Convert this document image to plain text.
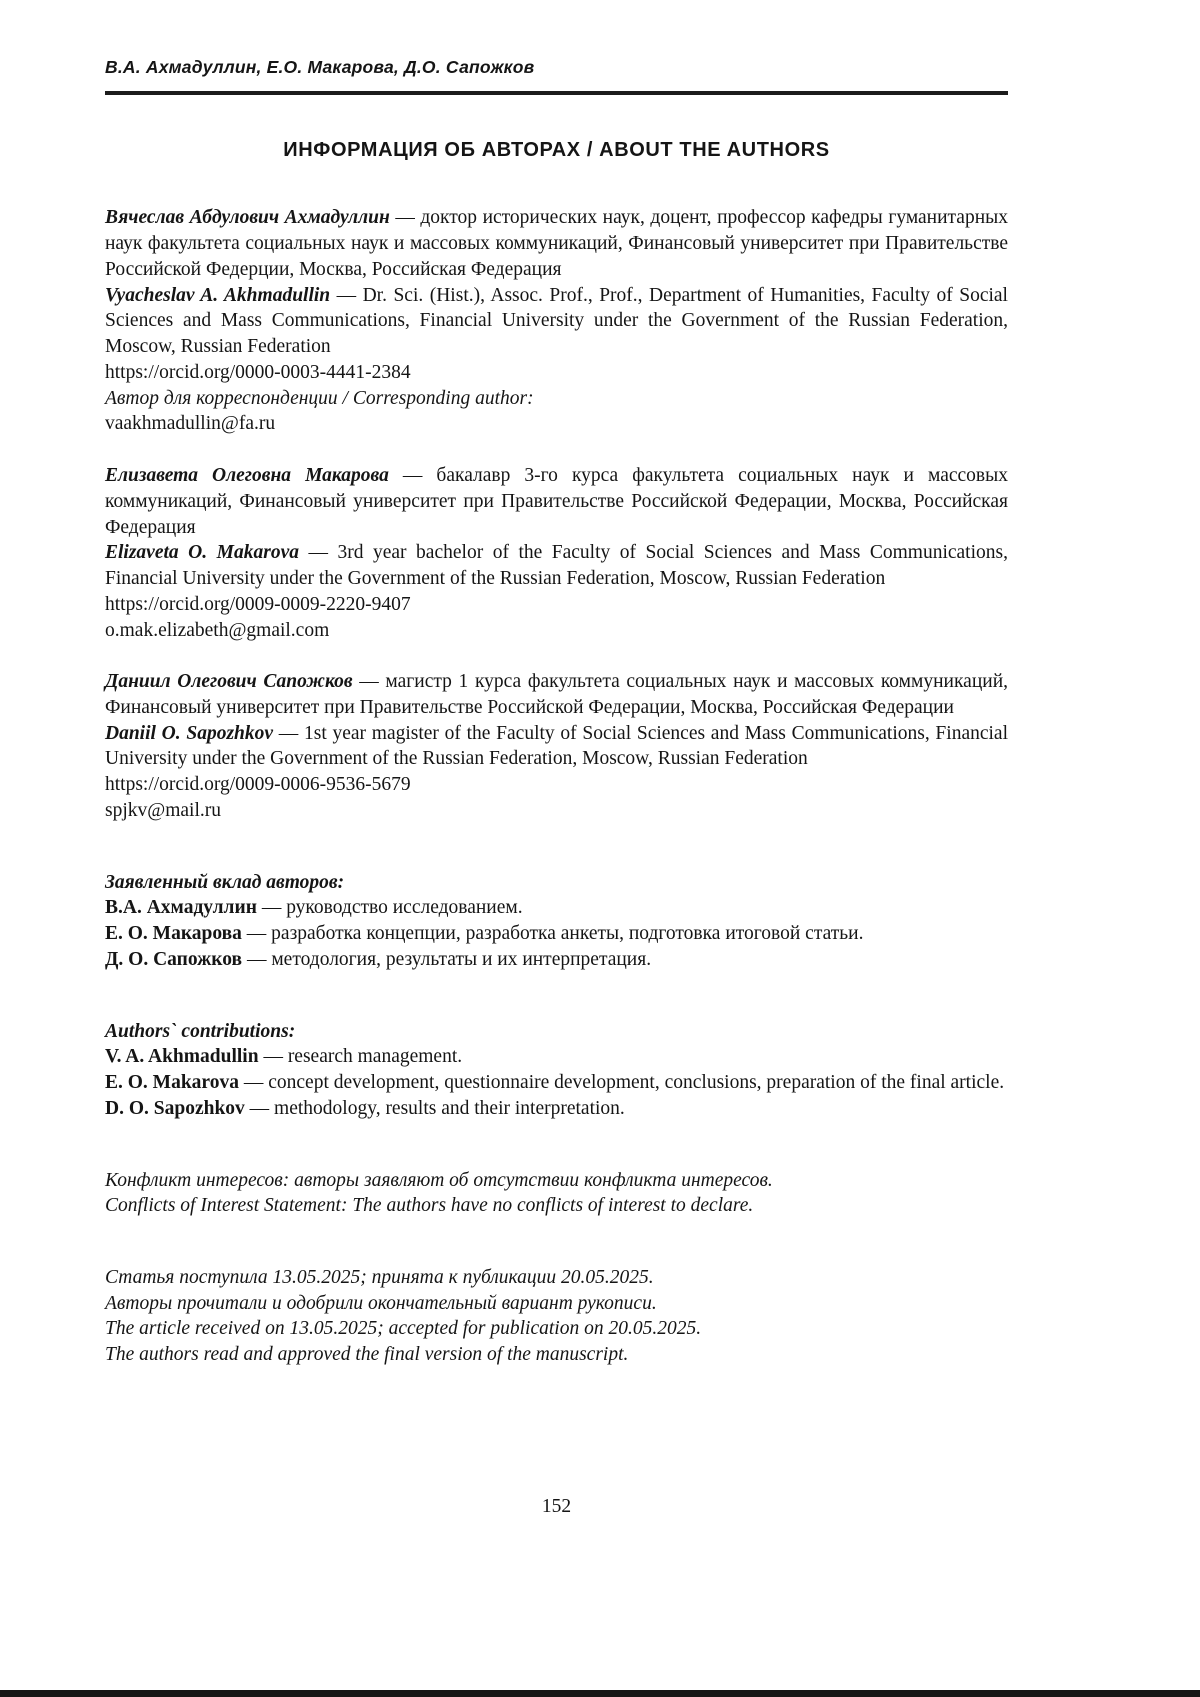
В.А. Ахмадуллин, Е.О. Макарова, Д.О. Сапожков
ИНФОРМАЦИЯ ОБ АВТОРАХ / ABOUT THE AUTHORS

Вячеслав Абдулович Ахмадуллин — доктор исторических наук, доцент, профессор кафедры гуманитарных наук факультета социальных наук и массовых коммуникаций, Финансовый университет при Правительстве Российской Федерции, Москва, Российская Федерация

Vyacheslav A. Akhmadullin — Dr. Sci. (Hist.), Assoc. Prof., Prof., Department of Humanities, Faculty of Social Sciences and Mass Communications, Financial University under the Government of the Russian Federation, Moscow, Russian Federation

https://orcid.org/0000-0003-4441-2384

Автор для корреспонденции / Corresponding author:

vaakhmadullin@fa.ru

Елизавета Олеговна Макарова — бакалавр 3-го курса факультета социальных наук и массовых коммуникаций, Финансовый университет при Правительстве Российской Федерации, Москва, Российская Федерация

Elizaveta O. Makarova — 3rd year bachelor of the Faculty of Social Sciences and Mass Communications, Financial University under the Government of the Russian Federation, Moscow, Russian Federation

https://orcid.org/0009-0009-2220-9407

o.mak.elizabeth@gmail.com

Даниил Олегович Сапожков — магистр 1 курса факультета социальных наук и массовых коммуникаций, Финансовый университет при Правительстве Российской Федерации, Москва, Российская Федерации

Daniil O. Sapozhkov — 1st year magister of the Faculty of Social Sciences and Mass Communications, Financial University under the Government of the Russian Federation, Moscow, Russian Federation

https://orcid.org/0009-0006-9536-5679

spjkv@mail.ru

Заявленный вклад авторов:

В.А. Ахмадуллин — руководство исследованием.

Е. О. Макарова — разработка концепции, разработка анкеты, подготовка итоговой статьи.

Д. О. Сапожков — методология, результаты и их интерпретация.

Authors` contributions:

V. A. Akhmadullin — research management.

E. O. Makarova — concept development, questionnaire development, conclusions, preparation of the final article.

D. O. Sapozhkov — methodology, results and their interpretation.

Конфликт интересов: авторы заявляют об отсутствии конфликта интересов.

Conflicts of Interest Statement: The authors have no conflicts of interest to declare.

Статья поступила 13.05.2025; принята к публикации 20.05.2025.

Авторы прочитали и одобрили окончательный вариант рукописи.

The article received on 13.05.2025; accepted for publication on 20.05.2025.

The authors read and approved the final version of the manuscript.

152
